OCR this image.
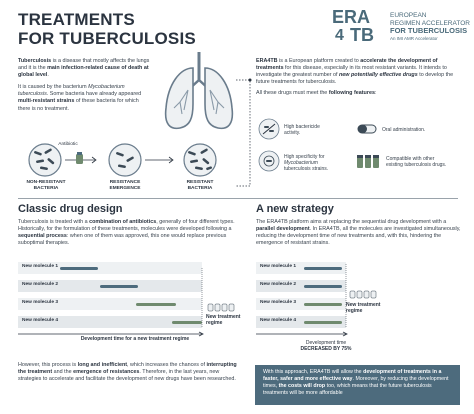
TREATMENTS
FOR TUBERCULOSIS
ERA
4 TB
EUROPEAN
REGIMEN ACCELERATOR
FOR TUBERCULOSIS
An IMI AMR Accelerator

Tuberculosis is a disease that mostly affects the lungs and it is the main infection-related cause of death at global level.

It is caused by the bacterium Mycobacterium tuberculosis. Some bacteria have already appeared multi-resistant strains of these bacteria for which there is no treatment.

Antibiotic
NON-RESISTANT BACTERIA
RESISTANCE EMERGENCE
RESISTANT BACTERIA

ERA4TB is a European platform created to accelerate the development of treatments for this disease, especially in its most resistant variants. It intends to investigate the greatest number of new potentially effective drugs to develop the future treatments for tuberculosis.

All these drugs must meet the following features:

High bactericide
activity.	Oral administration.
High specificity for
Mycobacterium
tuberculosis strains.
Compatible with other
existing tuberculosis drugs.
Classic drug design

Tuberculosis is treated with a combination of antibiotics, generally of four different types. Historically, for the formulation of these treatments, molecules were developed following a sequential process: when one of them was approved, this one would replace previous suboptimal therapies.

New molecule 1
New molecule 2
New molecule 3
New molecule 4
Development time for a new treatment regime
New treatment regime

However, this process is long and inefficient, which increases the chances of interrupting the treatment and the emergence of resistances. Therefore, in the last years, new strategies to accelerate and facilitate the development of new drugs have been researched.

A new strategy

The ERA4TB platform aims at replacing the sequential drug development with a parallel development. In ERA4TB, all the molecules are investigated simultaneously, reducing the development time of new treatments and, with this, hindering the emergence of resistant strains.

New molecule 1
New molecule 2
New molecule 3
New molecule 4
New treatment regime
Development time
DECREASED BY 75%
With this approach, ERA4TB will allow the development of treatments in a faster, safer and more effective way. Moreover, by reducing the development times, the costs will drop too, which means that the future tuberculosis treatments will be more affordable
